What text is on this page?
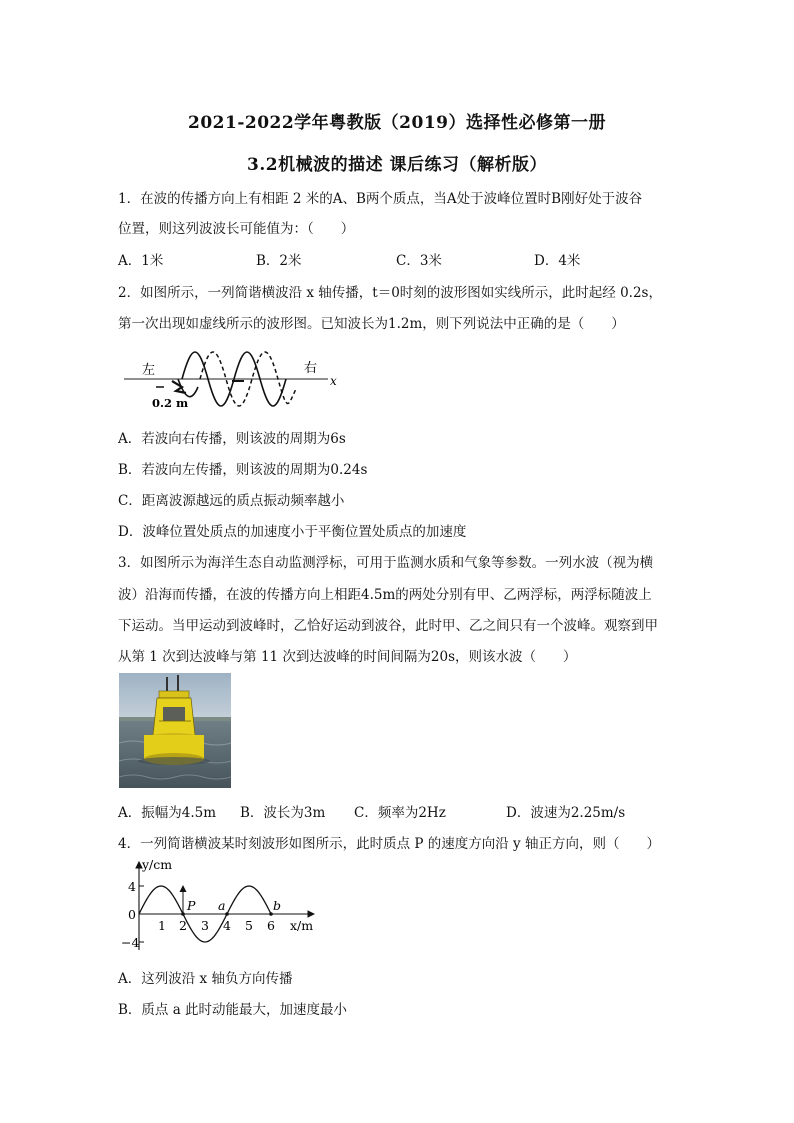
2021-2022学年粤教版（2019）选择性必修第一册
3.2机械波的描述 课后练习（解析版）
1．在波的传播方向上有相距 2 米的A、B两个质点，当A处于波峰位置时B刚好处于波谷
位置，则这列波波长可能值为：（　　）
A．1米	B．2米	C．3米	D．4米
2．如图所示，一列简谐横波沿 x 轴传播，t＝0时刻的波形图如实线所示，此时起经 0.2s，
第一次出现如虚线所示的波形图。已知波长为1.2m，则下列说法中正确的是（　　）
左	右
x
0.2 m
A．若波向右传播，则该波的周期为6s
B．若波向左传播，则该波的周期为0.24s
C．距离波源越远的质点振动频率越小
D．波峰位置处质点的加速度小于平衡位置处质点的加速度
3．如图所示为海洋生态自动监测浮标，可用于监测水质和气象等参数。一列水波（视为横
波）沿海而传播，在波的传播方向上相距4.5m的两处分别有甲、乙两浮标，两浮标随波上
下运动。当甲运动到波峰时，乙恰好运动到波谷，此时甲、乙之间只有一个波峰。观察到甲
从第 1 次到达波峰与第 11 次到达波峰的时间间隔为20s，则该水波（　　）
A．振幅为4.5m B．波长为3m C．频率为2Hz	D．波速为2.25m/s
4．一列简谐横波某时刻波形如图所示，此时质点 P 的速度方向沿 y 轴正方向，则（　　）
y/cm
x/m
4
0
−4
1 2 3 4 5 6
P a	b
A．这列波沿 x 轴负方向传播
B．质点 a 此时动能最大，加速度最小
